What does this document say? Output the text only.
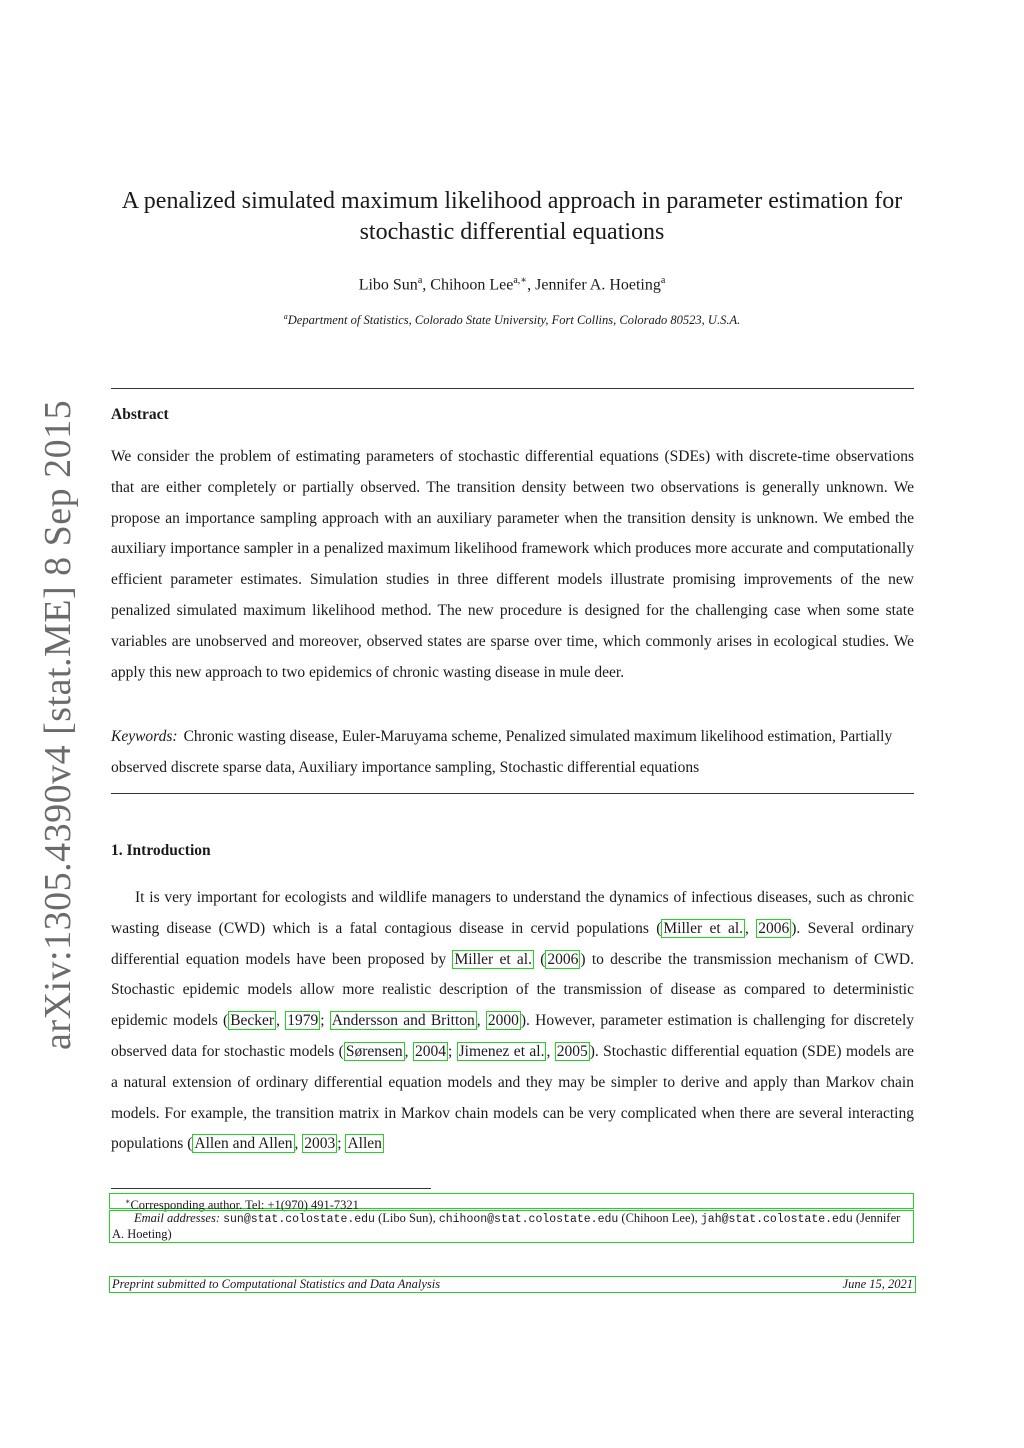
arXiv:1305.4390v4 [stat.ME] 8 Sep 2015
A penalized simulated maximum likelihood approach in parameter estimation for stochastic differential equations
Libo Sun$^a$, Chihoon Lee$^{a,∗}$, Jennifer A. Hoeting$^a$
$^a$Department of Statistics, Colorado State University, Fort Collins, Colorado 80523, U.S.A.
Abstract
We consider the problem of estimating parameters of stochastic differential equations (SDEs) with discrete-time observations that are either completely or partially observed. The transition density between two observations is generally unknown. We propose an importance sampling approach with an auxiliary parameter when the transition density is unknown. We embed the auxiliary importance sampler in a penalized maximum likelihood framework which produces more accurate and computationally efficient parameter estimates. Simulation studies in three different models illustrate promising improvements of the new penalized simulated maximum likelihood method. The new procedure is designed for the challenging case when some state variables are unobserved and moreover, observed states are sparse over time, which commonly arises in ecological studies. We apply this new approach to two epidemics of chronic wasting disease in mule deer.
Keywords: Chronic wasting disease, Euler-Maruyama scheme, Penalized simulated maximum likelihood estimation, Partially observed discrete sparse data, Auxiliary importance sampling, Stochastic differential equations
1. Introduction
It is very important for ecologists and wildlife managers to understand the dynamics of infectious diseases, such as chronic wasting disease (CWD) which is a fatal contagious disease in cervid populations ( Miller et al. , 2006 ). Several ordinary differential equation models have been proposed by Miller et al. ( 2006 ) to describe the transmission mechanism of CWD. Stochastic epidemic models allow more realistic description of the transmission of disease as compared to deterministic epidemic models ( Becker , 1979 ; Andersson and Britton , 2000 ). However, parameter estimation is challenging for discretely observed data for stochastic models ( Sørensen , 2004 ; Jimenez et al. , 2005 ). Stochastic differential equation (SDE) models are a natural extension of ordinary differential equation models and they may be simpler to derive and apply than Markov chain models. For example, the transition matrix in Markov chain models can be very complicated when there are several interacting populations ( Allen and Allen , 2003 ; Allen
∗Corresponding author. Tel: +1(970) 491-7321
Email addresses: sun@stat.colostate.edu (Libo Sun), chihoon@stat.colostate.edu (Chihoon Lee), jah@stat.colostate.edu (Jennifer A. Hoeting)
Preprint submitted to Computational Statistics and Data Analysis	June 15, 2021
